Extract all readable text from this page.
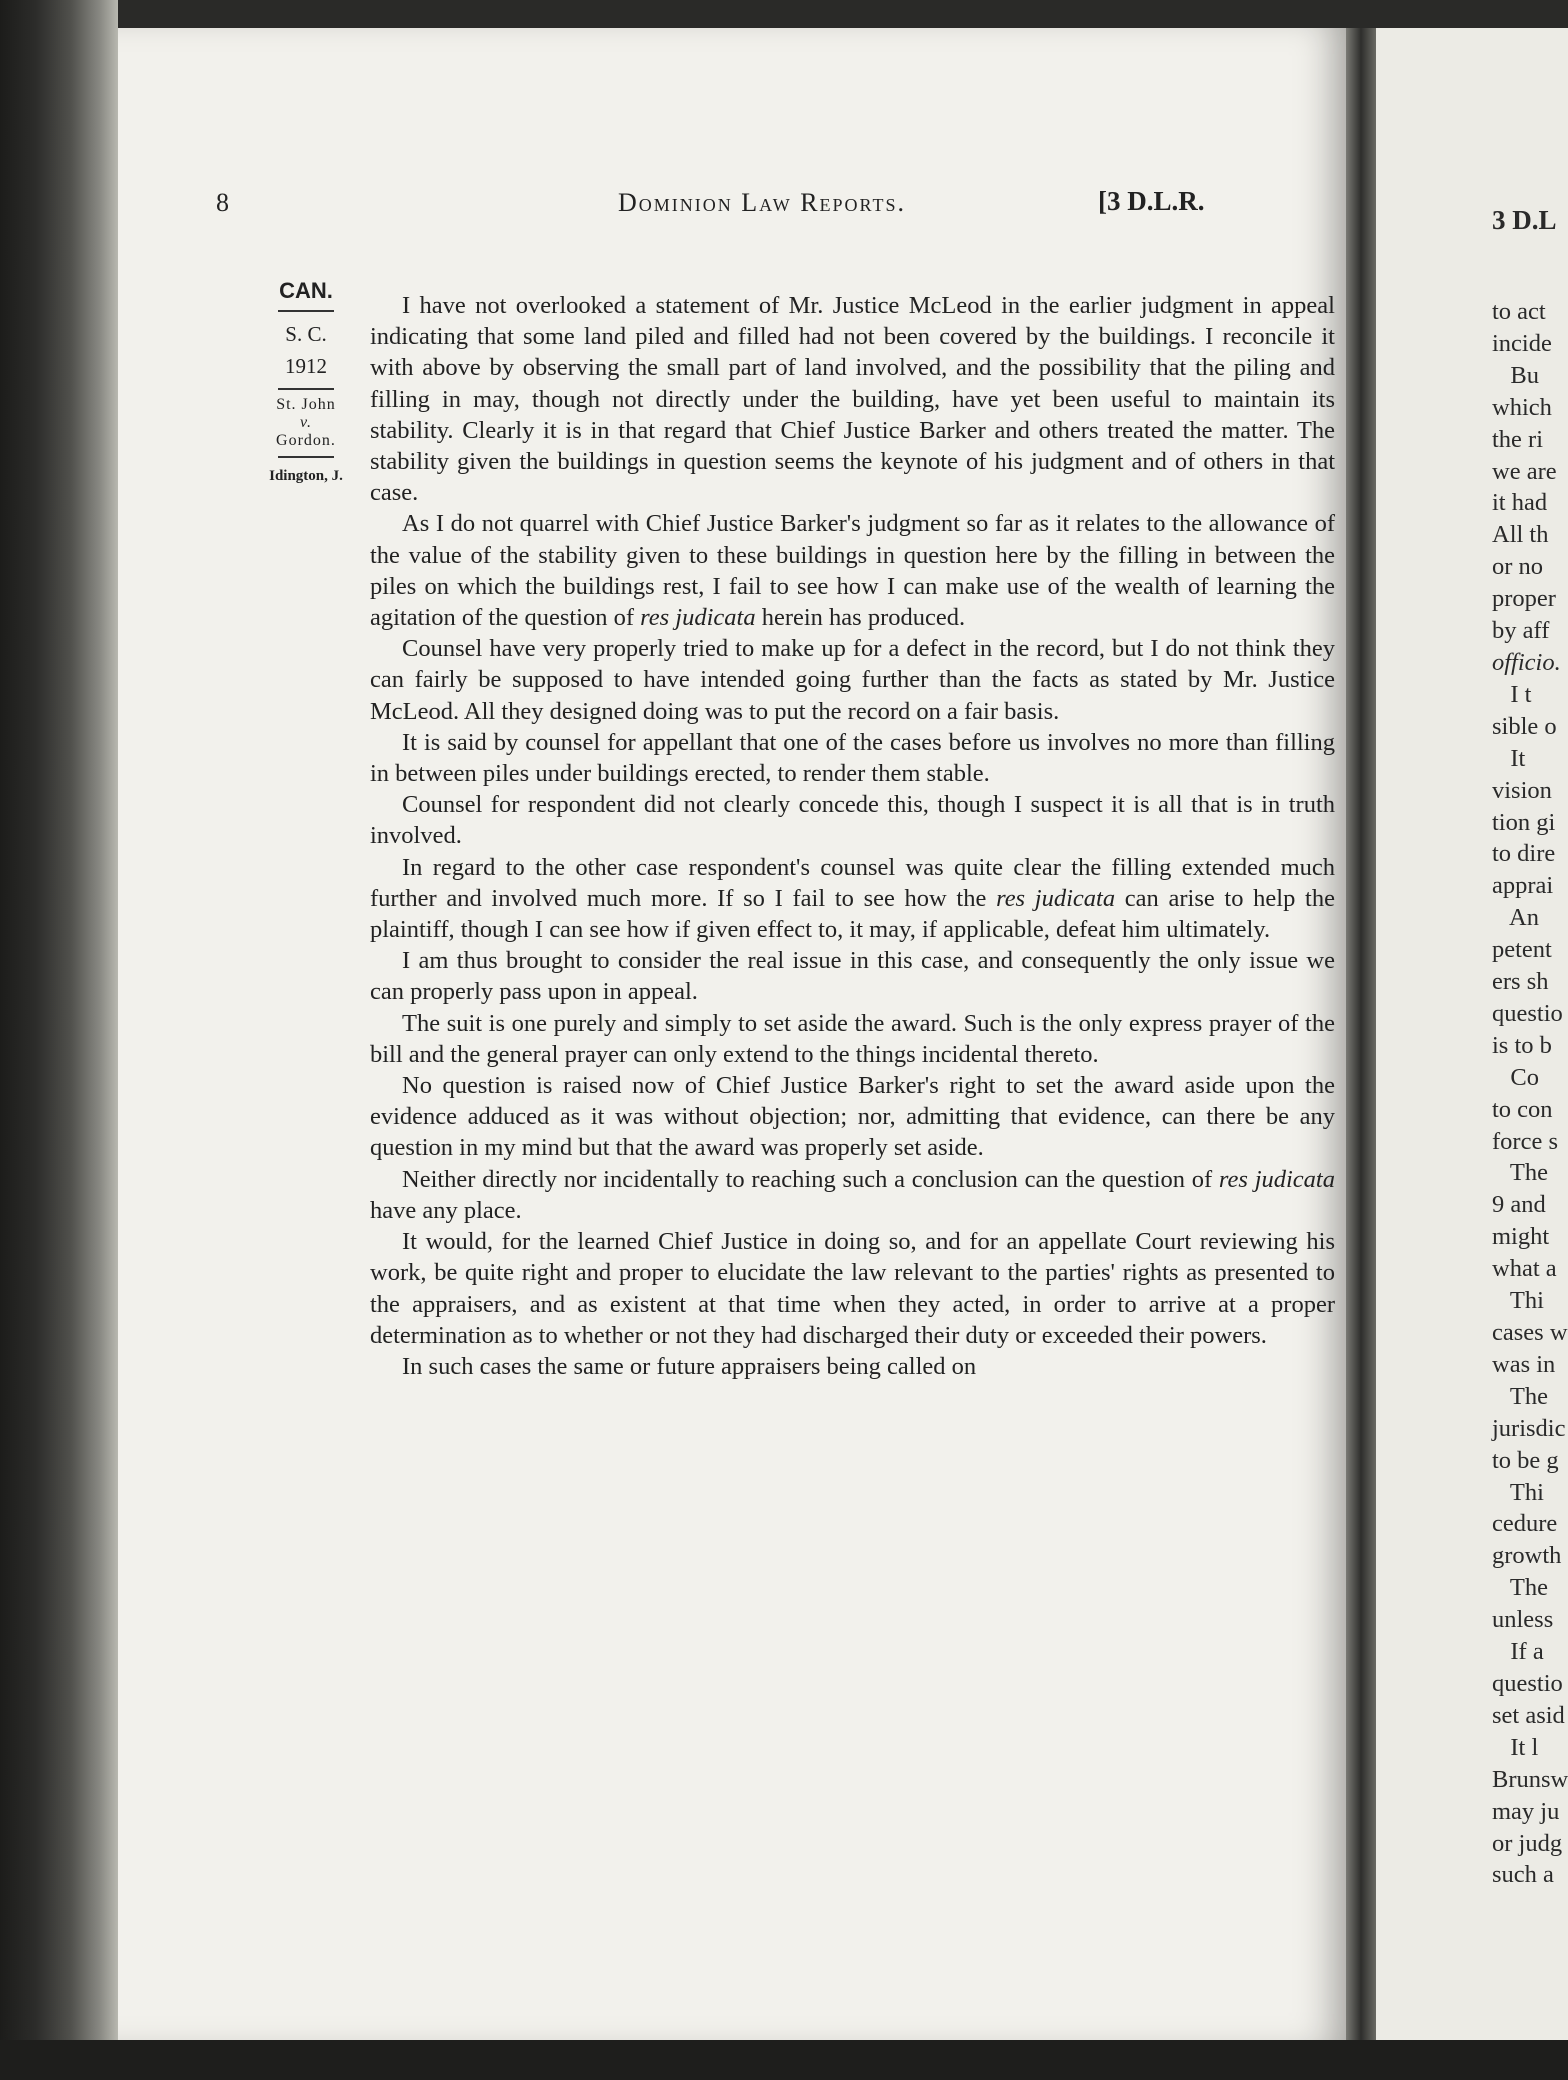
8	Dominion Law Reports.	[3 D.L.R.
CAN.
S. C.
1912
St. John
v.
Gordon.
Idington, J.

I have not overlooked a statement of Mr. Justice McLeod in the earlier judgment in appeal indicating that some land piled and filled had not been covered by the buildings. I reconcile it with above by observing the small part of land involved, and the possibility that the piling and filling in may, though not directly under the building, have yet been useful to maintain its stability. Clearly it is in that regard that Chief Justice Barker and others treated the matter. The stability given the buildings in question seems the keynote of his judgment and of others in that case.

As I do not quarrel with Chief Justice Barker's judgment so far as it relates to the allowance of the value of the stability given to these buildings in question here by the filling in between the piles on which the buildings rest, I fail to see how I can make use of the wealth of learning the agitation of the question of res judicata herein has produced.

Counsel have very properly tried to make up for a defect in the record, but I do not think they can fairly be supposed to have intended going further than the facts as stated by Mr. Justice McLeod. All they designed doing was to put the record on a fair basis.

It is said by counsel for appellant that one of the cases before us involves no more than filling in between piles under buildings erected, to render them stable.

Counsel for respondent did not clearly concede this, though I suspect it is all that is in truth involved.

In regard to the other case respondent's counsel was quite clear the filling extended much further and involved much more. If so I fail to see how the res judicata can arise to help the plaintiff, though I can see how if given effect to, it may, if applicable, defeat him ultimately.

I am thus brought to consider the real issue in this case, and consequently the only issue we can properly pass upon in appeal.

The suit is one purely and simply to set aside the award. Such is the only express prayer of the bill and the general prayer can only extend to the things incidental thereto.

No question is raised now of Chief Justice Barker's right to set the award aside upon the evidence adduced as it was without objection; nor, admitting that evidence, can there be any question in my mind but that the award was properly set aside.

Neither directly nor incidentally to reaching such a conclusion can the question of res judicata have any place.

It would, for the learned Chief Justice in doing so, and for an appellate Court reviewing his work, be quite right and proper to elucidate the law relevant to the parties' rights as presented to the appraisers, and as existent at that time when they acted, in order to arrive at a proper determination as to whether or not they had discharged their duty or exceeded their powers.

In such cases the same or future appraisers being called on

3 D.L
to act
incide
Bu
which
the ri
we are
it had
All th
or no
proper
by aff
officio.
I t
sible o
It
vision
tion gi
to dire
apprai
An
petent
ers sh
questio
is to b
Co
to con
force s
The
9 and
might
what a
Thi
cases w
was in
The
jurisdic
to be g
Thi
cedure
growth
The
unless
If a
questio
set asid
It l
Brunsw
may ju
or judg
such a
